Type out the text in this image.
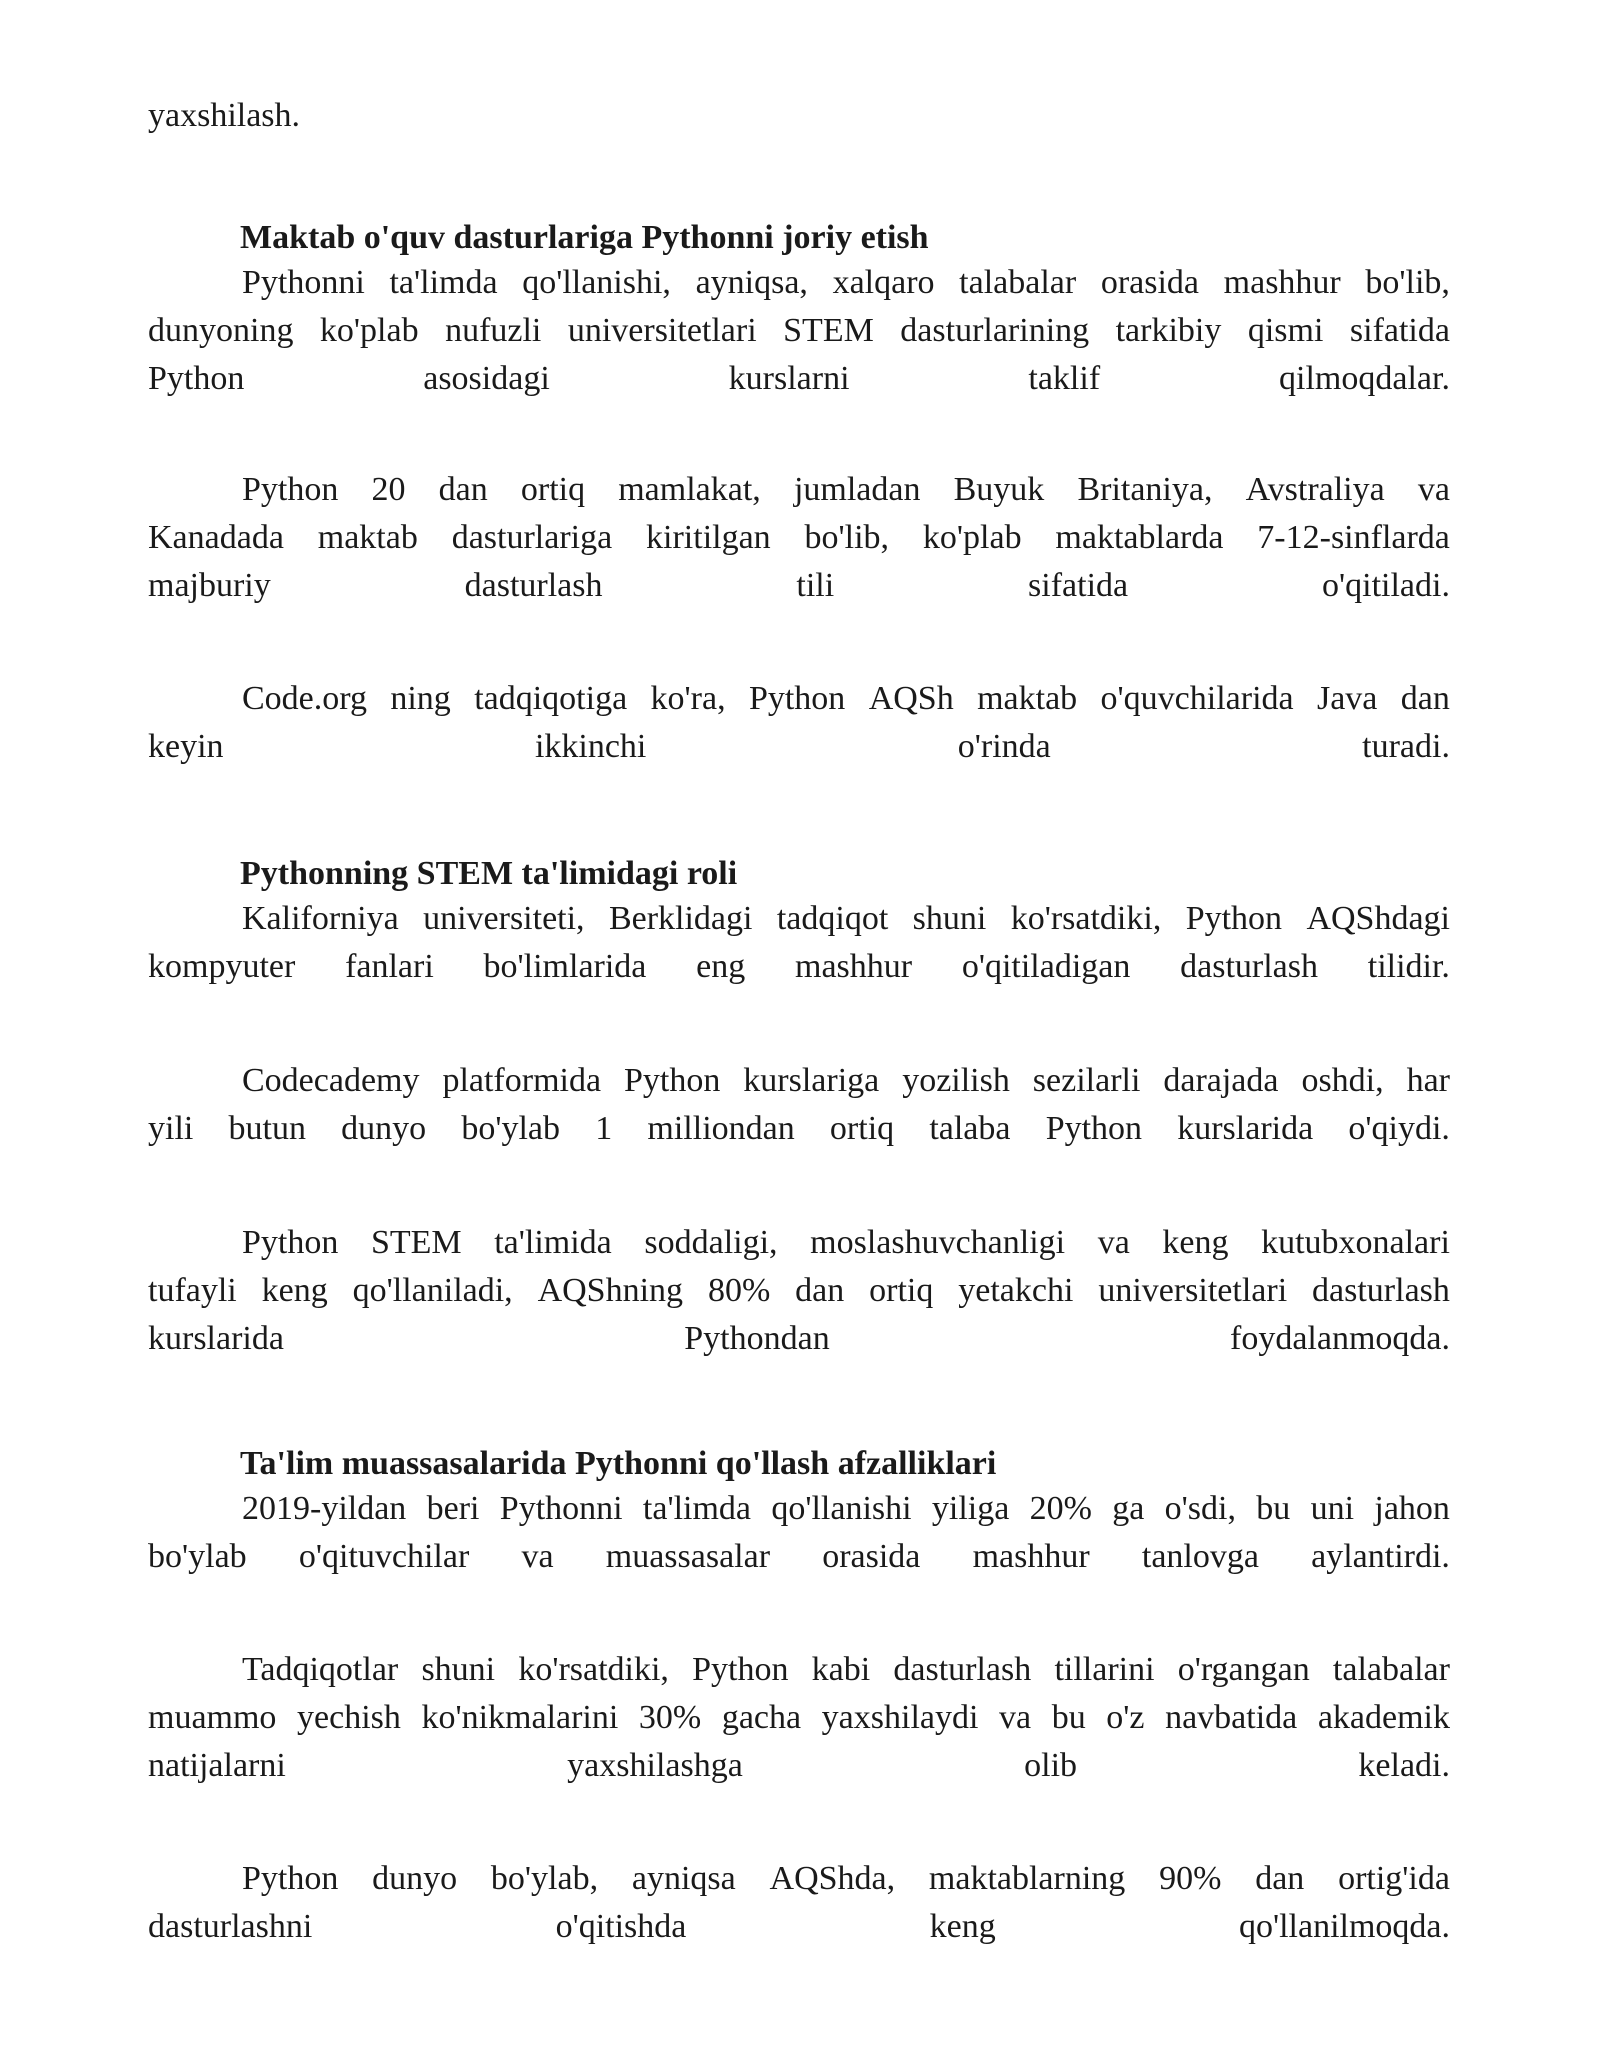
yaxshilash.
Maktab o'quv dasturlariga Pythonni joriy etish
Pythonni ta'limda qo'llanishi, ayniqsa, xalqaro talabalar orasida mashhur bo'lib,
dunyoning ko'plab nufuzli universitetlari STEM dasturlarining tarkibiy qismi sifatida
Python	asosidagi	kurslarni	taklif	qilmoqdalar.
Python 20 dan ortiq mamlakat, jumladan Buyuk Britaniya, Avstraliya va
Kanadada maktab dasturlariga kiritilgan bo'lib, ko'plab maktablarda 7-12-sinflarda
majburiy	dasturlash	tili	sifatida	o'qitiladi.
Code.org ning tadqiqotiga ko'ra, Python AQSh maktab o'quvchilarida Java dan
keyin	ikkinchi	o'rinda	turadi.
Pythonning STEM ta'limidagi roli
Kaliforniya universiteti, Berklidagi tadqiqot shuni ko'rsatdiki, Python AQShdagi
kompyuter fanlari bo'limlarida eng mashhur o'qitiladigan dasturlash tilidir.
Codecademy platformida Python kurslariga yozilish sezilarli darajada oshdi, har
yili butun dunyo bo'ylab 1 milliondan ortiq talaba Python kurslarida o'qiydi.
Python STEM ta'limida soddaligi, moslashuvchanligi va keng kutubxonalari
tufayli keng qo'llaniladi, AQShning 80% dan ortiq yetakchi universitetlari dasturlash
kurslarida	Pythondan	foydalanmoqda.
Ta'lim muassasalarida Pythonni qo'llash afzalliklari
2019-yildan beri Pythonni ta'limda qo'llanishi yiliga 20% ga o'sdi, bu uni jahon
bo'ylab o'qituvchilar va muassasalar orasida mashhur tanlovga aylantirdi.
Tadqiqotlar shuni ko'rsatdiki, Python kabi dasturlash tillarini o'rgangan talabalar
muammo yechish ko'nikmalarini 30% gacha yaxshilaydi va bu o'z navbatida akademik
natijalarni	yaxshilashga	olib	keladi.
Python dunyo bo'ylab, ayniqsa AQShda, maktablarning 90% dan ortig'ida
dasturlashni	o'qitishda	keng	qo'llanilmoqda.
